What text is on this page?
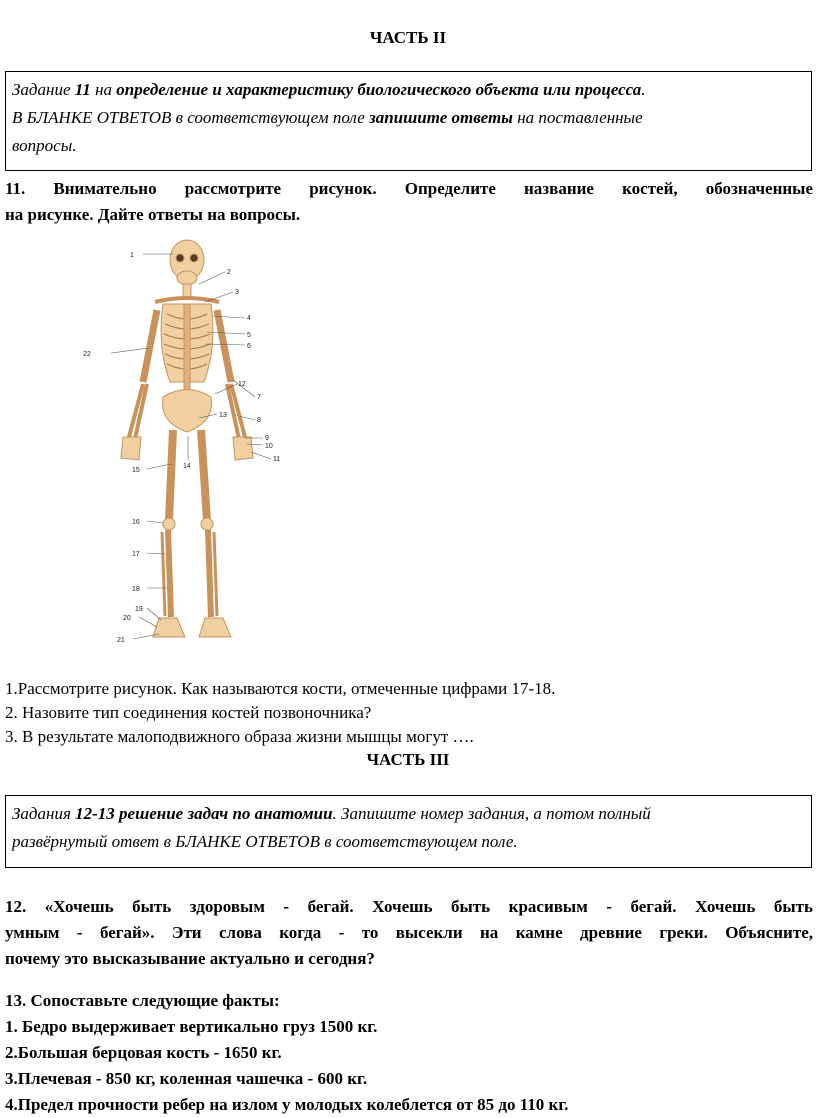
ЧАСТЬ II

Задание 11 на определение и характеристику биологического объекта или процесса.

В БЛАНКЕ ОТВЕТОВ в соответствующем поле запишите ответы на поставленные

вопросы.

11. Внимательно рассмотрите рисунок. Определите название костей, обозначенные
на рисунке. Дайте ответы на вопросы.
1
2
3
4
5
6
7
8
9
10
11
12
13
14
15
16
17
18
19
20
21
22
1.Рассмотрите рисунок. Как называются кости, отмеченные цифрами 17-18.
2. Назовите тип соединения костей позвоночника?
3. В результате малоподвижного образа жизни мышцы могут ….
ЧАСТЬ III

Задания 12-13 решение задач по анатомии. Запишите номер задания, а потом полный

развёрнутый ответ в БЛАНКЕ ОТВЕТОВ в соответствующем поле.

12. «Хочешь быть здоровым - бегай. Хочешь быть красивым - бегай. Хочешь быть
умным - бегай». Эти слова когда - то высекли на камне древние греки. Объясните,
почему это высказывание актуально и сегодня?
13. Сопоставьте следующие факты:
1. Бедро выдерживает вертикально груз 1500 кг.
2.Большая берцовая кость - 1650 кг.
3.Плечевая - 850 кг, коленная чашечка - 600 кг.
4.Предел прочности ребер на излом у молодых колеблется от 85 до 110 кг.
